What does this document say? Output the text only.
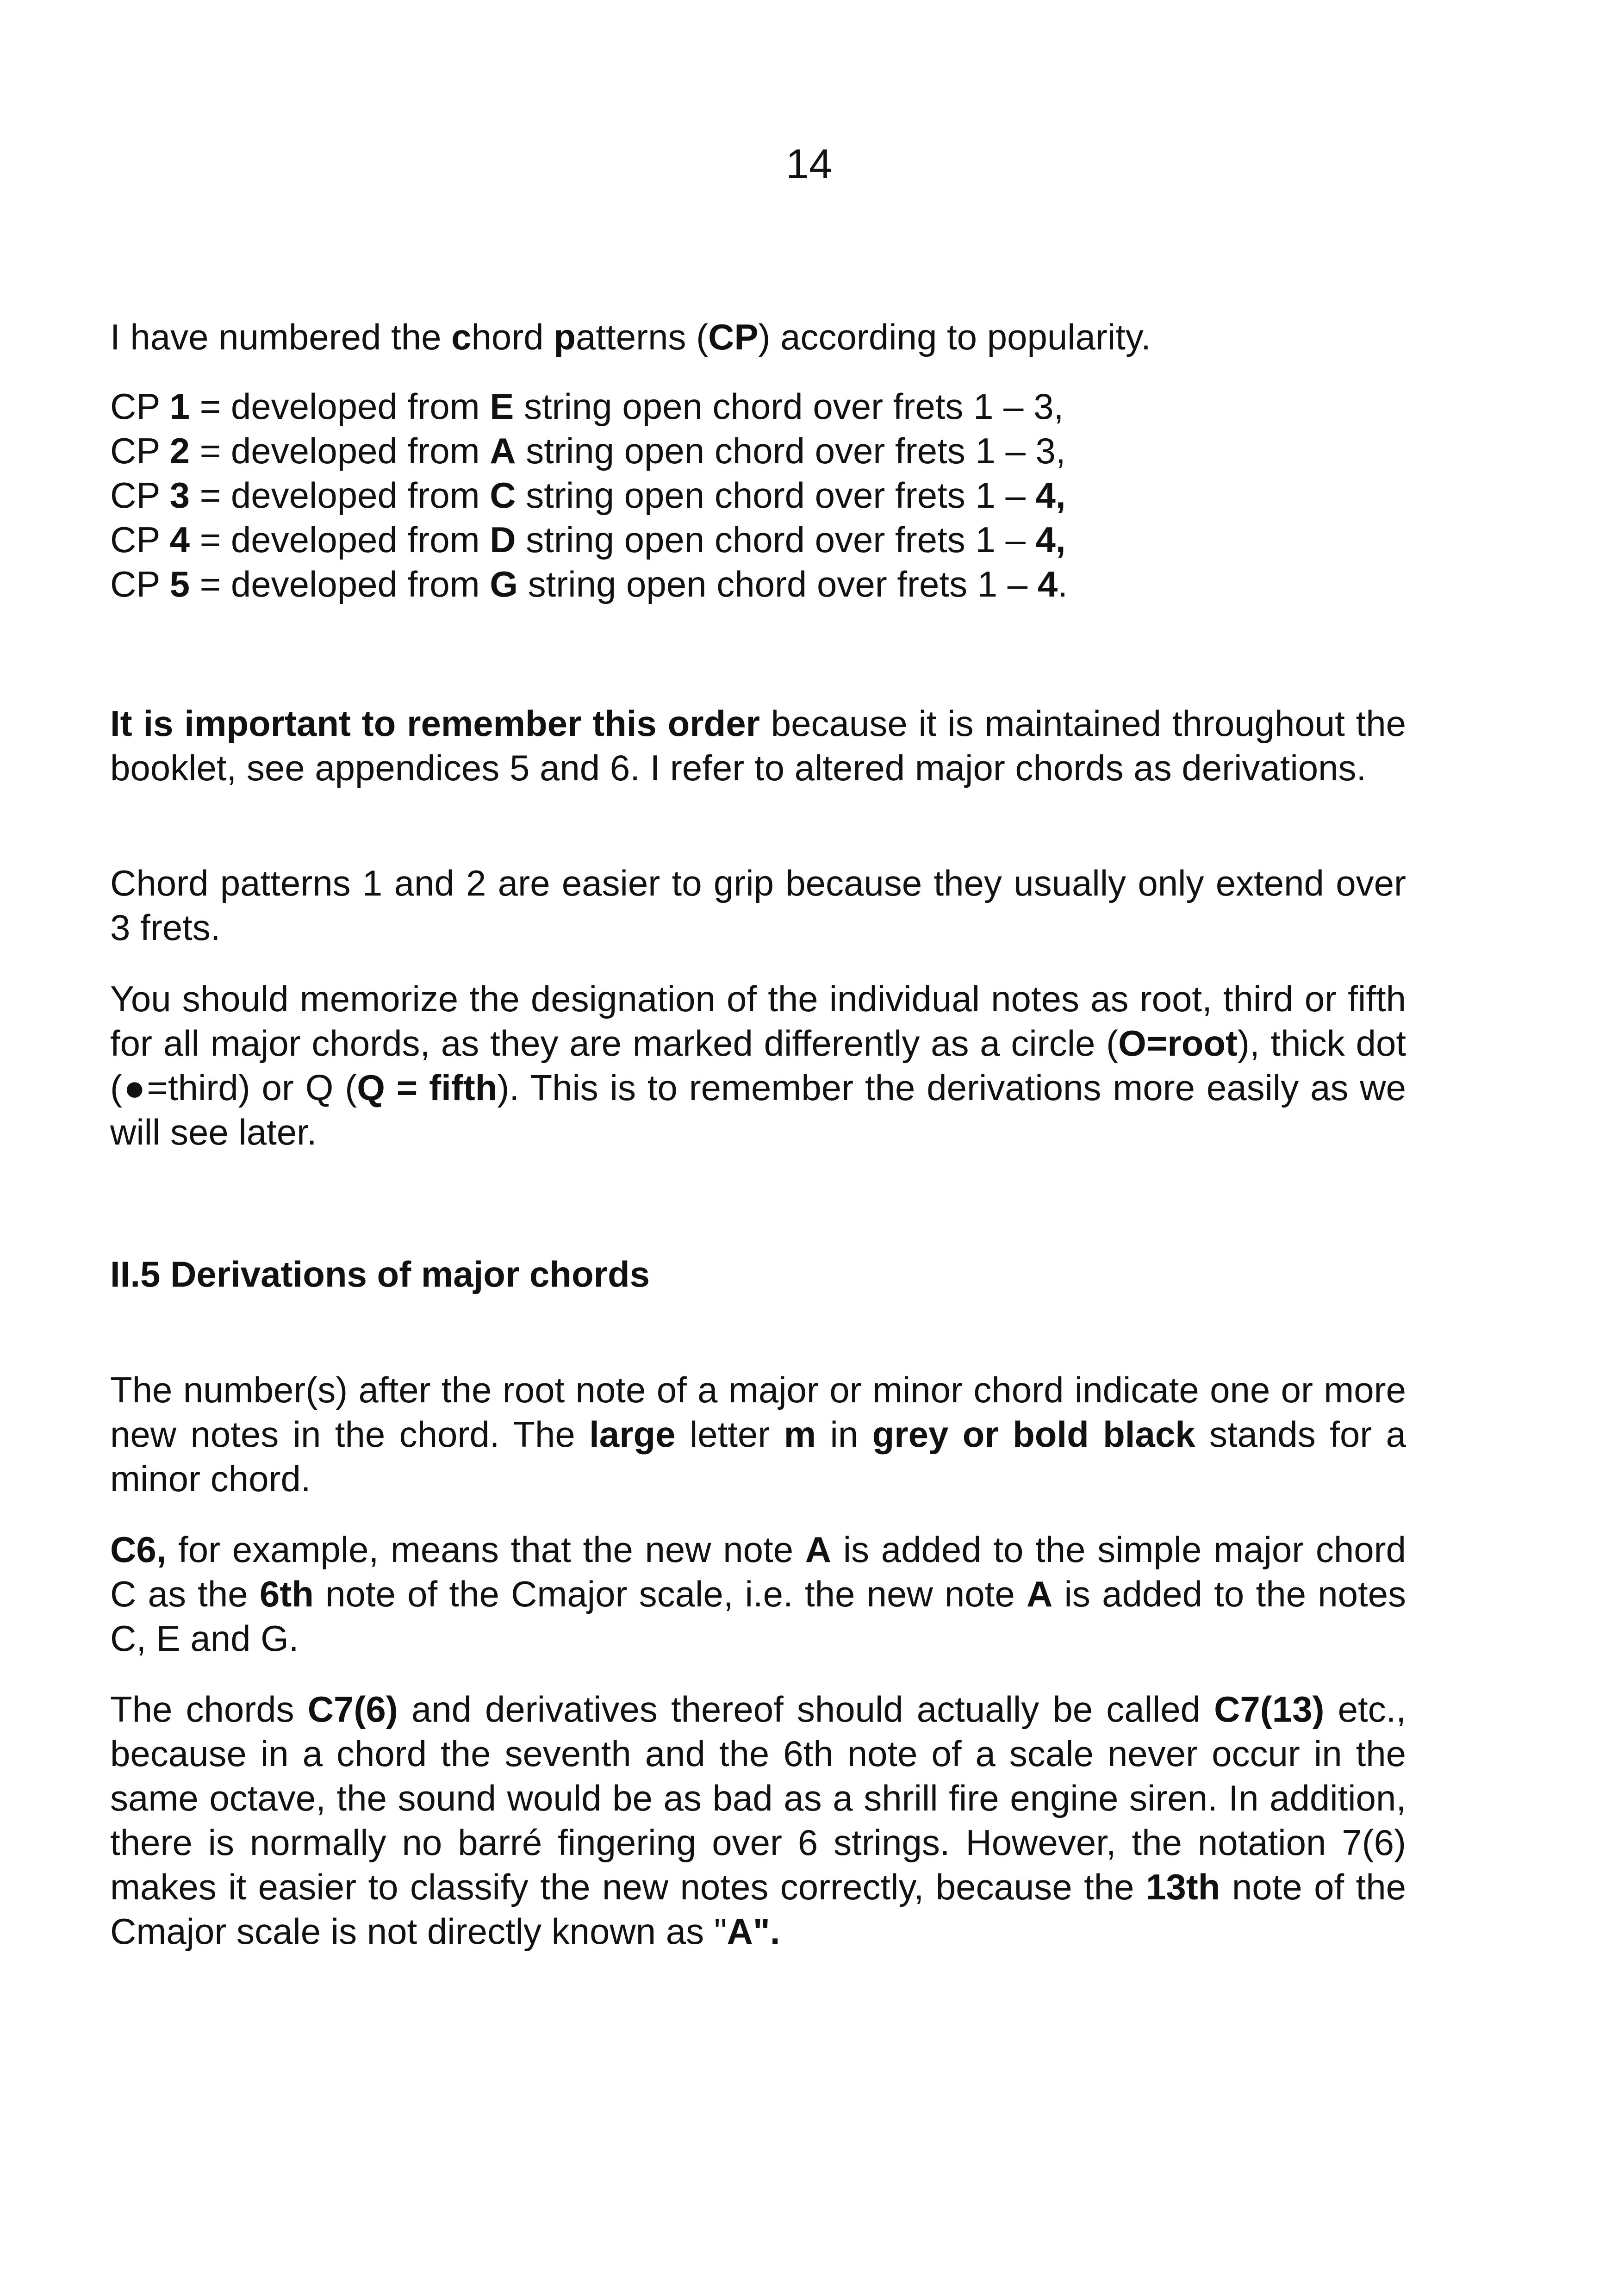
14

I have numbered the chord patterns (CP) according to popularity.

CP 1 = developed from E string open chord over frets 1 – 3,
CP 2 = developed from A string open chord over frets 1 – 3,
CP 3 = developed from C string open chord over frets 1 – 4,
CP 4 = developed from D string open chord over frets 1 – 4,
CP 5 = developed from G string open chord over frets 1 – 4.

It is important to remember this order because it is maintained throughout the booklet, see appendices 5 and 6. I refer to altered major chords as derivations.

Chord patterns 1 and 2 are easier to grip because they usually only extend over 3 frets.

You should memorize the designation of the individual notes as root, third or fifth for all major chords, as they are marked differently as a circle (O=root), thick dot (●=third) or Q (Q = fifth). This is to remember the derivations more easily as we will see later.

II.5 Derivations of major chords

The number(s) after the root note of a major or minor chord indicate one or more new notes in the chord. The large letter m in grey or bold black stands for a minor chord.

C6, for example, means that the new note A is added to the simple major chord C as the 6th note of the Cmajor scale, i.e. the new note A is added to the notes C, E and G.

The chords C7(6) and derivatives thereof should actually be called C7(13) etc., because in a chord the seventh and the 6th note of a scale never occur in the same octave, the sound would be as bad as a shrill fire engine siren. In addition, there is normally no barré fingering over 6 strings. However, the notation 7(6) makes it easier to classify the new notes correctly, because the 13th note of the Cmajor scale is not directly known as "A".
